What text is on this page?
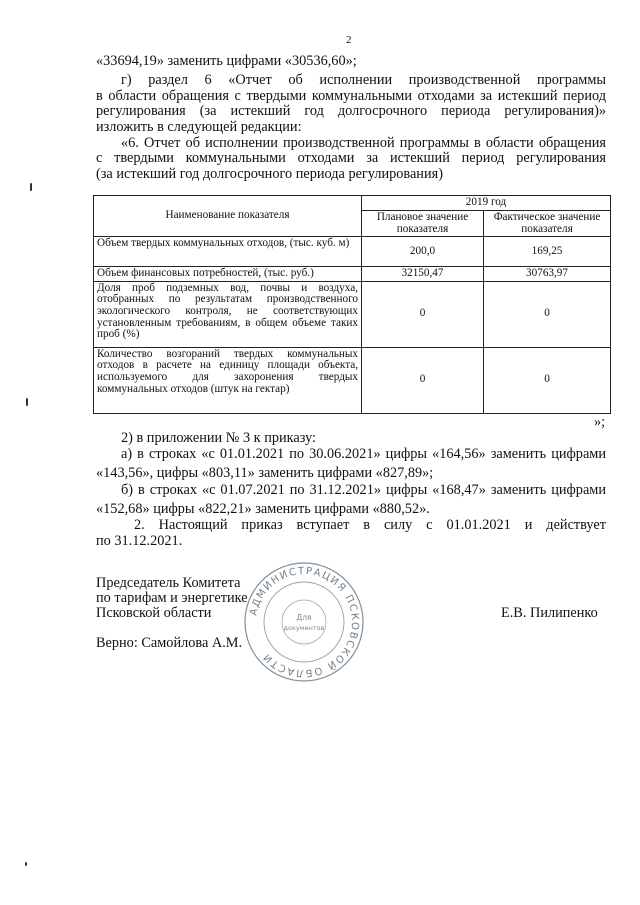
2

«33694,19» заменить цифрами «30536,60»;

г) раздел 6 «Отчет об исполнении производственной программы

в области обращения с твердыми коммунальными отходами за истекший период

регулирования (за истекший год долгосрочного периода регулирования)»

изложить в следующей редакции:

«6. Отчет об исполнении производственной программы в области обращения

с твердыми коммунальными отходами за истекший период регулирования

(за истекший год долгосрочного периода регулирования)

Наименование показателя	2019 год	
	Плановое значение показателя	Фактическое значение показателя
Объем твердых коммунальных отходов, (тыс. куб. м)	200,0	169,25
Объем финансовых потребностей, (тыс. руб.)	32150,47	30763,97
Доля проб подземных вод, почвы и воздуха, отобранных по результатам производственного экологического контроля, не соответствующих установленным требованиям, в общем объеме таких проб (%)	0	0
Количество возгораний твердых коммунальных отходов в расчете на единицу площади объекта, используемого для захоронения твердых коммунальных отходов (штук на гектар)	0	0
»;

2) в приложении № 3 к приказу:

а) в строках «с 01.01.2021 по 30.06.2021» цифры «164,56» заменить цифрами

«143,56», цифры «803,11» заменить цифрами «827,89»;

б) в строках «с 01.07.2021 по 31.12.2021» цифры «168,47» заменить цифрами

«152,68» цифры «822,21» заменить цифрами «880,52».

2. Настоящий приказ вступает в силу с 01.01.2021 и действует

по 31.12.2021.

Председатель Комитета
по тарифам и энергетике
Псковской области	Е.В. Пилипенко
Верно: Самойлова А.М.
АДМИНИСТРАЦИЯ ПСКОВСКОЙ ОБЛАСТИ
Для
документов
